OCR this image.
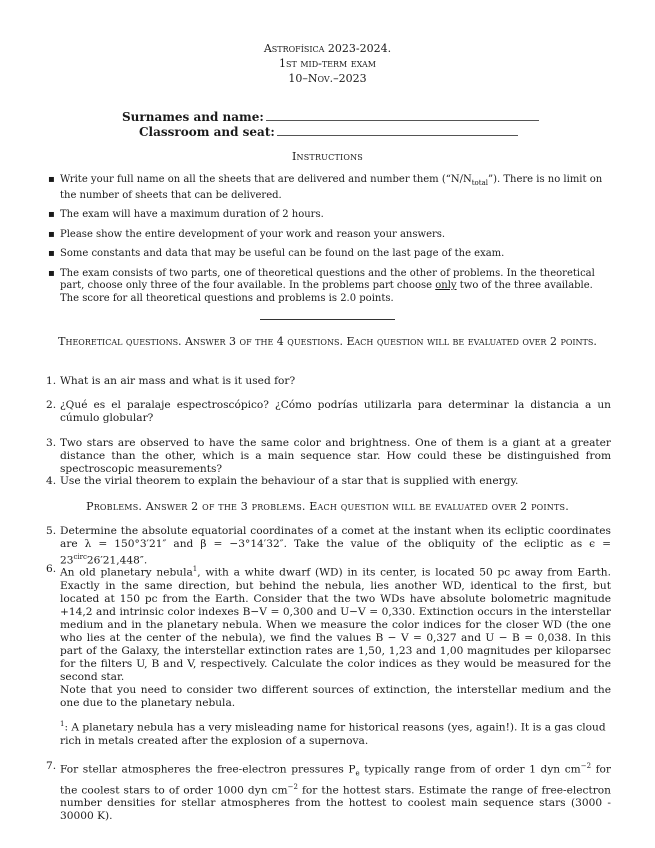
Astrofísica 2023-2024.
1st mid-term exam
10–Nov.–2023
Surnames and name:
Classroom and seat:
Instructions
▪ Write your full name on all the sheets that are delivered and number them $(“N/N_{total}”)$. There is no limit on the number of sheets that can be delivered.
▪ The exam will have a maximum duration of 2 hours.
▪ Please show the entire development of your work and reason your answers.
▪ Some constants and data that may be useful can be found on the last page of the exam.
▪ The exam consists of two parts, one of theoretical questions and the other of problems. In the theoretical part, choose only three of the four available. In the problems part choose only two of the three available. The score for all theoretical questions and problems is 2.0 points.
Theoretical questions. Answer 3 of the 4 questions. Each question will be evaluated over 2 points.
1. What is an air mass and what is it used for?
2. ¿Qué es el paralaje espectroscópico? ¿Cómo podrías utilizarla para determinar la distancia a un cúmulo globular?
3. Two stars are observed to have the same color and brightness. One of them is a giant at a greater distance than the other, which is a main sequence star. How could these be distinguished from spectroscopic measurements?
4. Use the virial theorem to explain the behaviour of a star that is supplied with energy.
Problems. Answer 2 of the 3 problems. Each question will be evaluated over 2 points.
5. Determine the absolute equatorial coordinates of a comet at the instant when its ecliptic coordinates are λ = 150°3′21″ and β = −3°14′32″. Take the value of the obliquity of the ecliptic as $\epsilon = 23^{circ}26'21,448''$.
6. An old planetary nebula$^1$, with a white dwarf (WD) in its center, is located 50 pc away from Earth. Exactly in the same direction, but behind the nebula, lies another WD, identical to the first, but located at 150 pc from the Earth. Consider that the two WDs have absolute bolometric magnitude +14,2 and intrinsic color indexes B−V = 0,300 and U−V = 0,330. Extinction occurs in the interstellar medium and in the planetary nebula. When we measure the color indices for the closer WD (the one who lies at the center of the nebula), we find the values B − V = 0,327 and U − B = 0,038. In this part of the Galaxy, the interstellar extinction rates are 1,50, 1,23 and 1,00 magnitudes per kiloparsec for the filters U, B and V, respectively. Calculate the color indices as they would be measured for the second star.
Note that you need to consider two different sources of extinction, the interstellar medium and the one due to the planetary nebula.
$^1$: A planetary nebula has a very misleading name for historical reasons (yes, again!). It is a gas cloud rich in metals created after the explosion of a supernova.
7. For stellar atmospheres the free-electron pressures $P_e$ typically range from of order 1 dyn $cm^{-2}$ for the coolest stars to of order 1000 dyn $cm^{-2}$ for the hottest stars. Estimate the range of free-electron number densities for stellar atmospheres from the hottest to coolest main sequence stars (3000 - 30000 K).
